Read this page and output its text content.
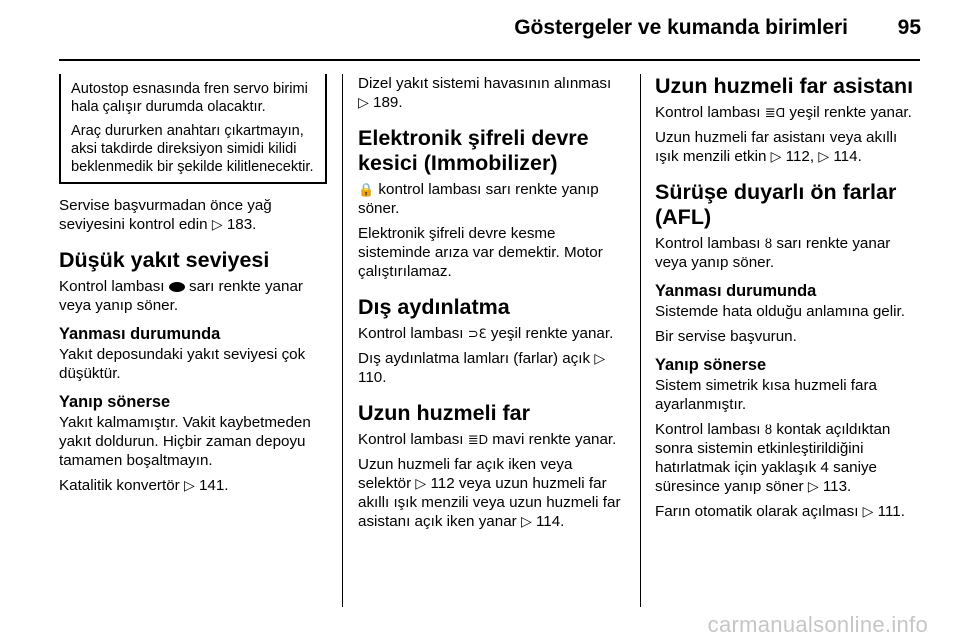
Göstergeler ve kumanda birimleri 95

Autostop esnasında fren servo birimi hala çalışır durumda olacaktır.

Araç dururken anahtarı çıkartmayın, aksi takdirde direksiyon simidi kilidi beklenmedik bir şekilde kilitlenecektir.

Servise başvurmadan önce yağ seviyesini kontrol edin ▷ 183.

Düşük yakıt seviyesi

Kontrol lambası sarı renkte yanar veya yanıp söner.

Yanması durumunda

Yakıt deposundaki yakıt seviyesi çok düşüktür.

Yanıp sönerse

Yakıt kalmamıştır. Vakit kaybetmeden yakıt doldurun. Hiçbir zaman depoyu tamamen boşaltmayın.

Katalitik konvertör ▷ 141.

Dizel yakıt sistemi havasının alınması ▷ 189.

Elektronik şifreli devre kesici (Immobilizer)

🔒 kontrol lambası sarı renkte yanıp söner.

Elektronik şifreli devre kesme sisteminde arıza var demektir. Motor çalıştırılamaz.

Dış aydınlatma

Kontrol lambası ⊃ℇ yeşil renkte yanar.

Dış aydınlatma lamları (farlar) açık ▷ 110.

Uzun huzmeli far

Kontrol lambası ≣D mavi renkte yanar.

Uzun huzmeli far açık iken veya selektör ▷ 112 veya uzun huzmeli far akıllı ışık menzili veya uzun huzmeli far asistanı açık iken yanar ▷ 114.

Uzun huzmeli far asistanı

Kontrol lambası ≣Ɑ yeşil renkte yanar.

Uzun huzmeli far asistanı veya akıllı ışık menzili etkin ▷ 112, ▷ 114.

Sürüşe duyarlı ön farlar (AFL)

Kontrol lambası ȣ sarı renkte yanar veya yanıp söner.

Yanması durumunda

Sistemde hata olduğu anlamına gelir.

Bir servise başvurun.

Yanıp sönerse

Sistem simetrik kısa huzmeli fara ayarlanmıştır.

Kontrol lambası ȣ kontak açıldıktan sonra sistemin etkinleştirildiğini hatırlatmak için yaklaşık 4 saniye süresince yanıp söner ▷ 113.

Farın otomatik olarak açılması ▷ 111.

carmanualsonline.info
